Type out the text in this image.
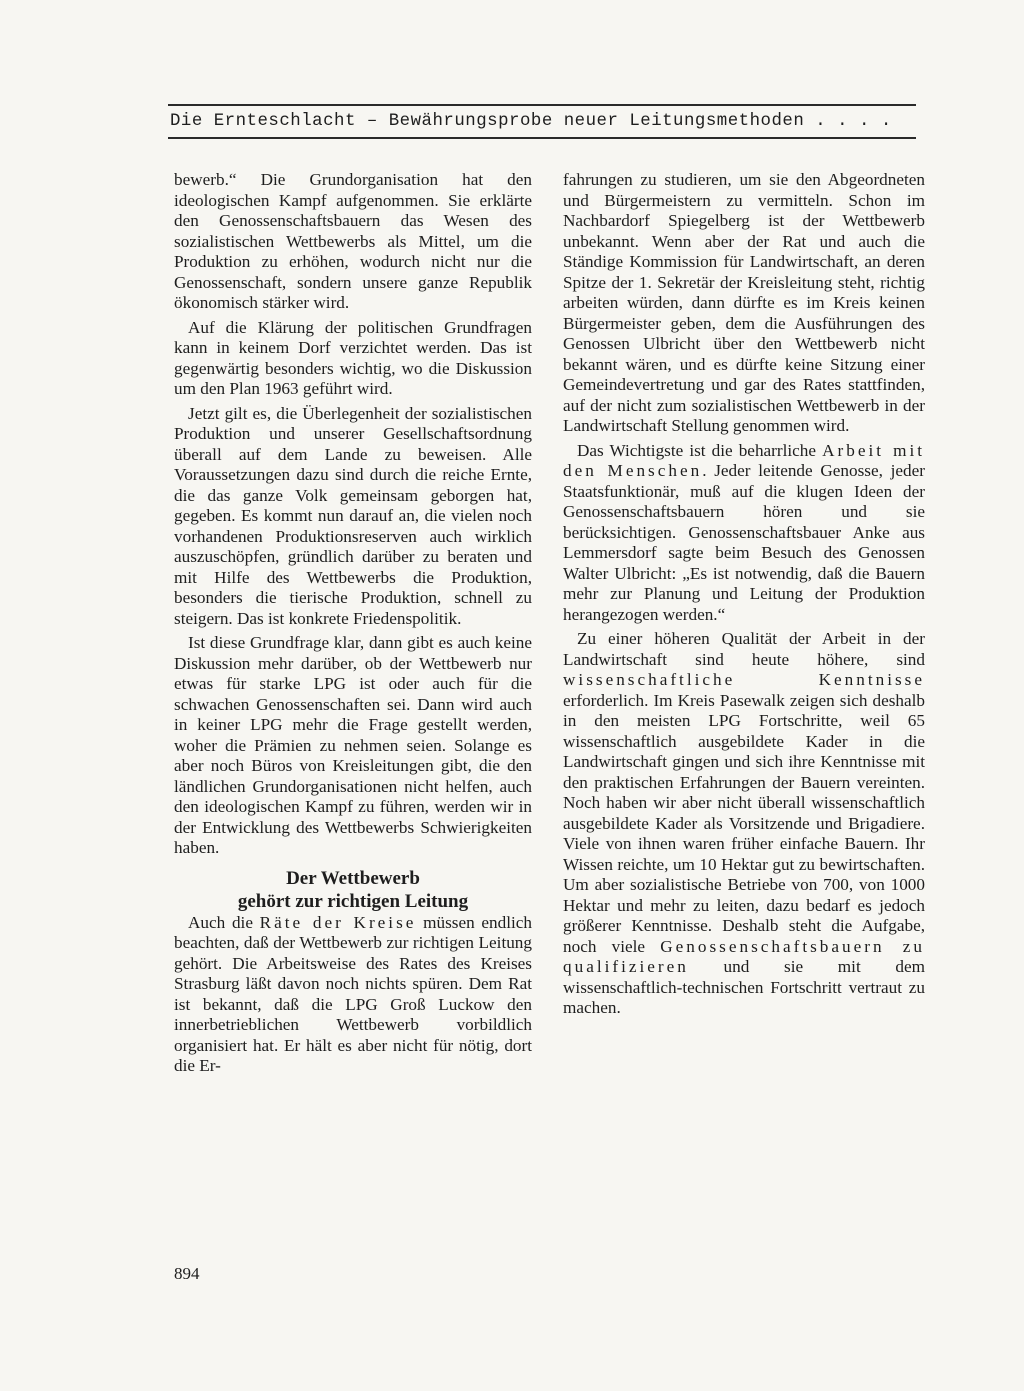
Die Ernteschlacht – Bewährungsprobe neuer Leitungsmethoden . . . .

bewerb.“ Die Grundorganisation hat den ideologischen Kampf aufgenommen. Sie erklärte den Genossenschaftsbauern das Wesen des sozialistischen Wettbewerbs als Mittel, um die Produktion zu erhöhen, wodurch nicht nur die Genossenschaft, sondern unsere ganze Republik ökonomisch stärker wird.

Auf die Klärung der politischen Grundfragen kann in keinem Dorf verzichtet werden. Das ist gegenwärtig besonders wichtig, wo die Diskussion um den Plan 1963 geführt wird.

Jetzt gilt es, die Überlegenheit der sozialistischen Produktion und unserer Gesellschaftsordnung überall auf dem Lande zu beweisen. Alle Voraussetzungen dazu sind durch die reiche Ernte, die das ganze Volk gemeinsam geborgen hat, gegeben. Es kommt nun darauf an, die vielen noch vorhandenen Produktionsreserven auch wirklich auszuschöpfen, gründlich darüber zu beraten und mit Hilfe des Wettbewerbs die Produktion, besonders die tierische Produktion, schnell zu steigern. Das ist konkrete Friedenspolitik.

Ist diese Grundfrage klar, dann gibt es auch keine Diskussion mehr darüber, ob der Wettbewerb nur etwas für starke LPG ist oder auch für die schwachen Genossenschaften sei. Dann wird auch in keiner LPG mehr die Frage gestellt werden, woher die Prämien zu nehmen seien. Solange es aber noch Büros von Kreisleitungen gibt, die den ländlichen Grundorganisationen nicht helfen, auch den ideologischen Kampf zu führen, werden wir in der Entwicklung des Wettbewerbs Schwierigkeiten haben.

Der Wettbewerb
gehört zur richtigen Leitung

Auch die Räte der Kreise müssen endlich beachten, daß der Wettbewerb zur richtigen Leitung gehört. Die Arbeitsweise des Rates des Kreises Strasburg läßt davon noch nichts spüren. Dem Rat ist bekannt, daß die LPG Groß Luckow den innerbetrieblichen Wettbewerb vorbildlich organisiert hat. Er hält es aber nicht für nötig, dort die Er-

fahrungen zu studieren, um sie den Abgeordneten und Bürgermeistern zu vermitteln. Schon im Nachbardorf Spiegelberg ist der Wettbewerb unbekannt. Wenn aber der Rat und auch die Ständige Kommission für Landwirtschaft, an deren Spitze der 1. Sekretär der Kreisleitung steht, richtig arbeiten würden, dann dürfte es im Kreis keinen Bürgermeister geben, dem die Ausführungen des Genossen Ulbricht über den Wettbewerb nicht bekannt wären, und es dürfte keine Sitzung einer Gemeindevertretung und gar des Rates stattfinden, auf der nicht zum sozialistischen Wettbewerb in der Landwirtschaft Stellung genommen wird.

Das Wichtigste ist die beharrliche Arbeit mit den Menschen. Jeder leitende Genosse, jeder Staatsfunktionär, muß auf die klugen Ideen der Genossenschaftsbauern hören und sie berücksichtigen. Genossenschaftsbauer Anke aus Lemmersdorf sagte beim Besuch des Genossen Walter Ulbricht: „Es ist notwendig, daß die Bauern mehr zur Planung und Leitung der Produktion herangezogen werden.“

Zu einer höheren Qualität der Arbeit in der Landwirtschaft sind heute höhere, sind wissenschaftliche Kenntnisse erforderlich. Im Kreis Pasewalk zeigen sich deshalb in den meisten LPG Fortschritte, weil 65 wissenschaftlich ausgebildete Kader in die Landwirtschaft gingen und sich ihre Kenntnisse mit den praktischen Erfahrungen der Bauern vereinten. Noch haben wir aber nicht überall wissenschaftlich ausgebildete Kader als Vorsitzende und Brigadiere. Viele von ihnen waren früher einfache Bauern. Ihr Wissen reichte, um 10 Hektar gut zu bewirtschaften. Um aber sozialistische Betriebe von 700, von 1000 Hektar und mehr zu leiten, dazu bedarf es jedoch größerer Kenntnisse. Deshalb steht die Aufgabe, noch viele Genossenschaftsbauern zu qualifizieren und sie mit dem wissenschaftlich-technischen Fortschritt vertraut zu machen.

894
